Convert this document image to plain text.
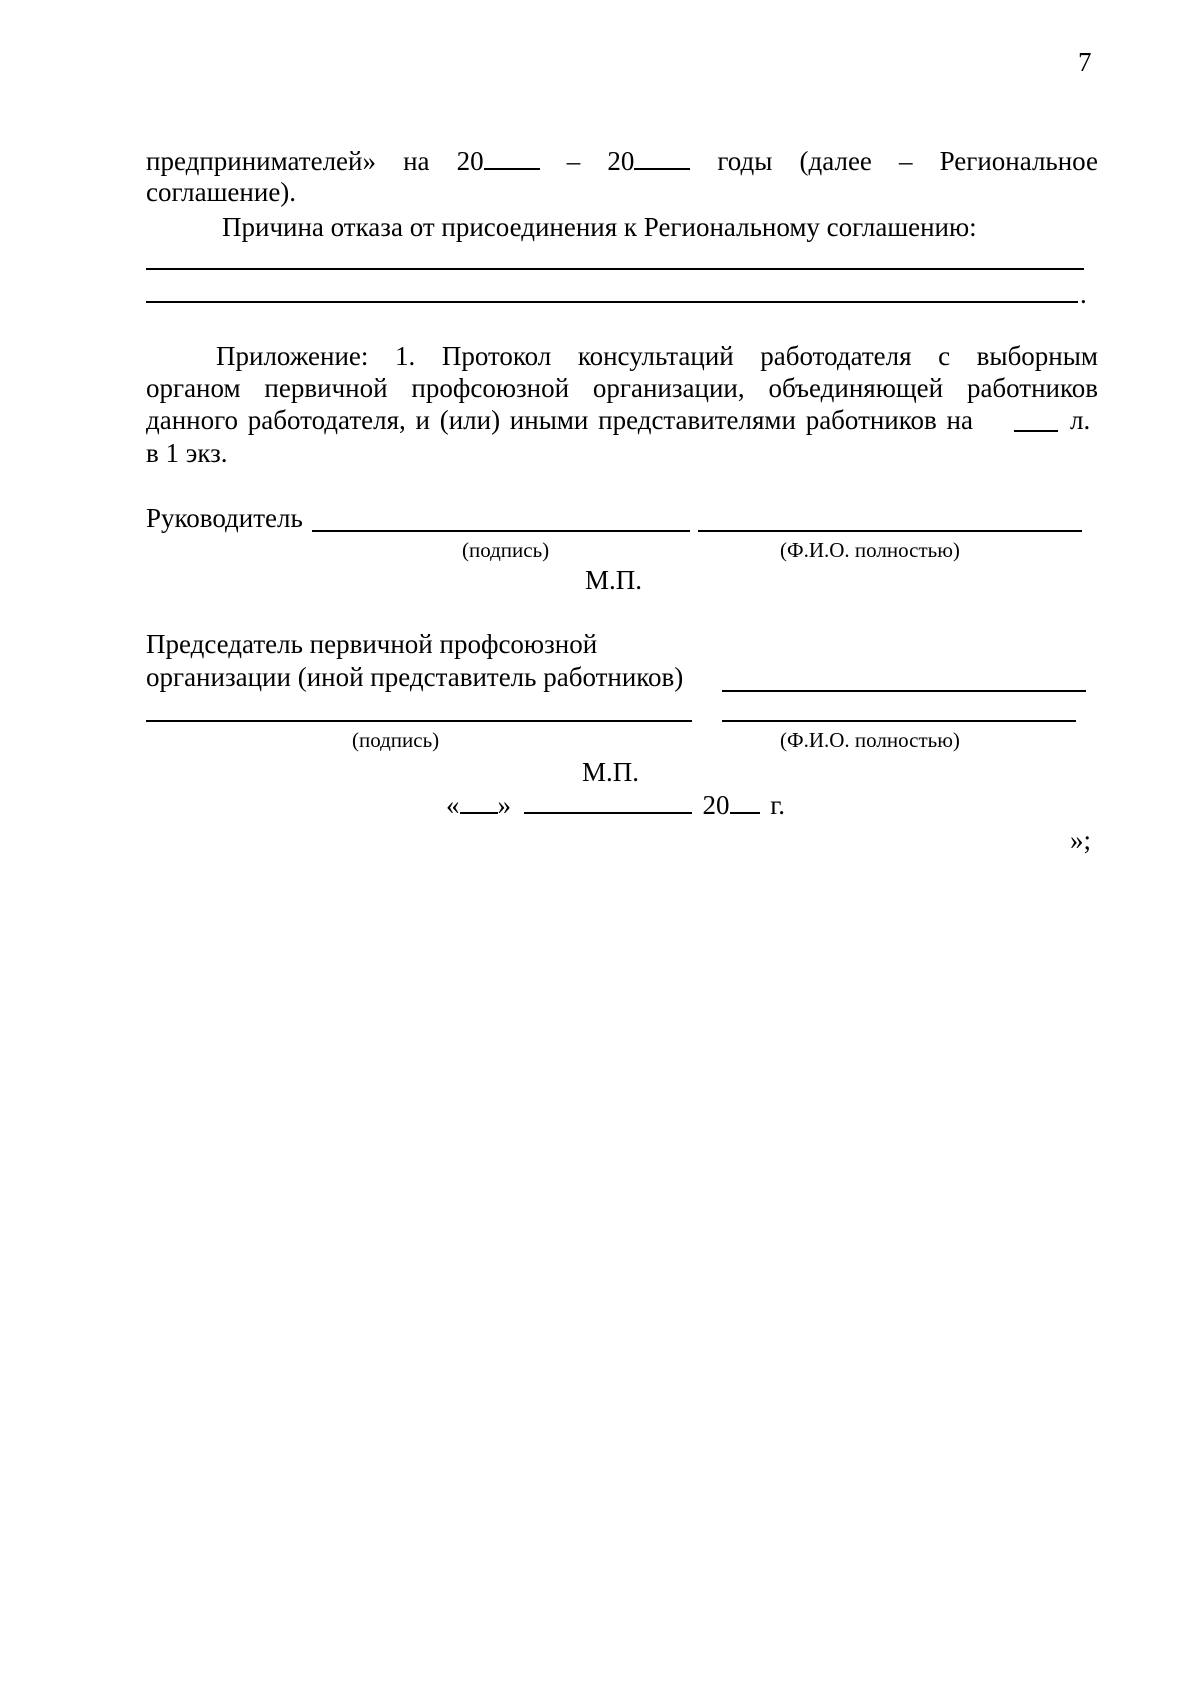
7
предпринимателей» на 20	– 20	годы (далее – Региональное
соглашение).
Причина отказа от присоединения к Региональному соглашению:
.
Приложение: 1. Протокол консультаций работодателя с выборным
органом первичной профсоюзной организации, объединяющей работников
данного работодателя, и (или) иными представителями работников на	л.
в 1 экз.
Руководитель
(подпись)	(Ф.И.О. полностью)
М.П.
Председатель первичной профсоюзной
организации (иной представитель работников)
(подпись)	(Ф.И.О. полностью)
М.П.
« »	20 г.
»;
